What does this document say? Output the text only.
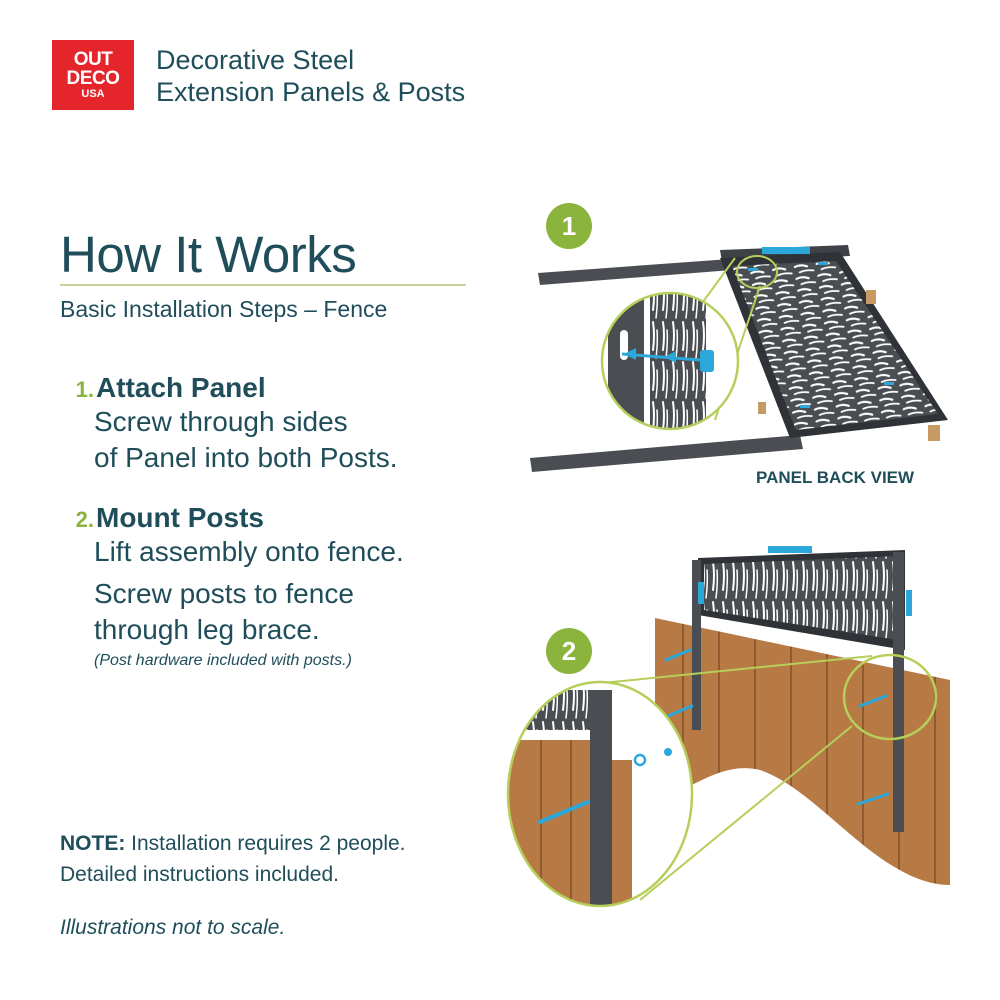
OUT
DECO
USA
Decorative Steel
Extension Panels & Posts
How It Works
Basic Installation Steps – Fence
1. Attach Panel
Screw through sides
of Panel into both Posts.
2. Mount Posts
Lift assembly onto fence.
Screw posts to fence
through leg brace.
(Post hardware included with posts.)
NOTE: Installation requires 2 people.
Detailed instructions included.
Illustrations not to scale.
1
2
PANEL BACK VIEW
